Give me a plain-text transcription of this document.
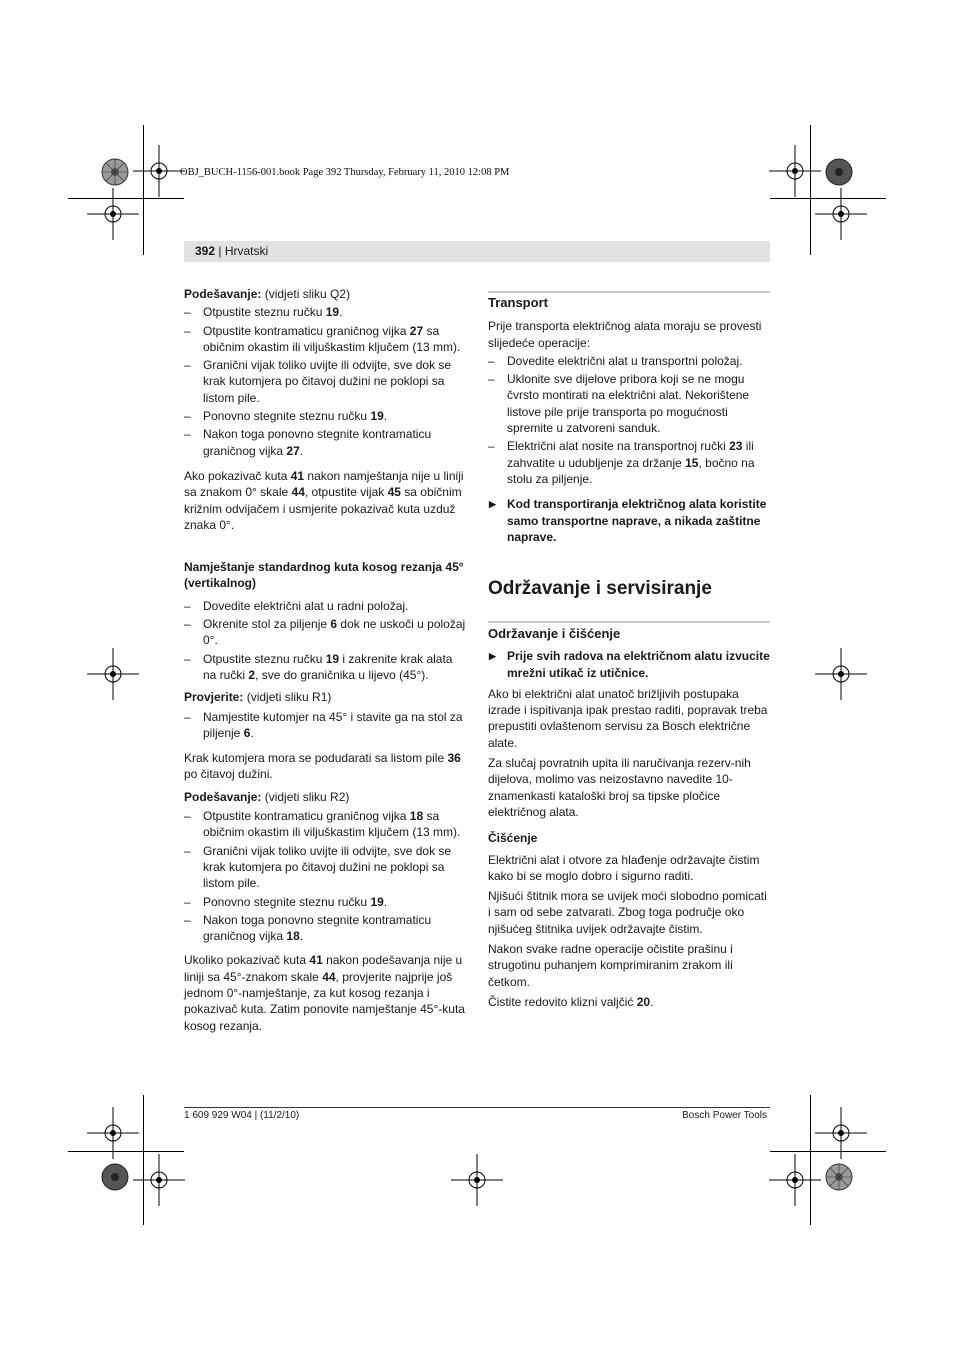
OBJ_BUCH-1156-001.book Page 392 Thursday, February 11, 2010 12:08 PM
392 | Hrvatski

Podešavanje: (vidjeti sliku Q2)

– Otpustite steznu ručku 19.

– Otpustite kontramaticu graničnog vijka 27 sa običnim okastim ili viljuškastim ključem (13 mm).

– Granični vijak toliko uvijte ili odvijte, sve dok se krak kutomjera po čitavoj dužini ne poklopi sa listom pile.

– Ponovno stegnite steznu ručku 19.

– Nakon toga ponovno stegnite kontramaticu graničnog vijka 27.

Ako pokazivač kuta 41 nakon namještanja nije u liniji sa znakom 0° skale 44, otpustite vijak 45 sa običnim križnim odvijačem i usmjerite pokazivač kuta uzduž znaka 0°.

Namještanje standardnog kuta kosog rezanja 45° (vertikalnog)

– Dovedite električni alat u radni položaj.

– Okrenite stol za piljenje 6 dok ne uskoči u položaj 0°.

– Otpustite steznu ručku 19 i zakrenite krak alata na ručki 2, sve do graničnika u lijevo (45°).

Provjerite: (vidjeti sliku R1)

– Namjestite kutomjer na 45° i stavite ga na stol za piljenje 6.

Krak kutomjera mora se podudarati sa listom pile 36 po čitavoj dužini.

Podešavanje: (vidjeti sliku R2)

– Otpustite kontramaticu graničnog vijka 18 sa običnim okastim ili viljuškastim ključem (13 mm).

– Granični vijak toliko uvijte ili odvijte, sve dok se krak kutomjera po čitavoj dužini ne poklopi sa listom pile.

– Ponovno stegnite steznu ručku 19.

– Nakon toga ponovno stegnite kontramaticu graničnog vijka 18.

Ukoliko pokazivač kuta 41 nakon podešavanja nije u liniji sa 45°-znakom skale 44, provjerite najprije još jednom 0°-namještanje, za kut kosog rezanja i pokazivač kuta. Zatim ponovite namještanje 45°-kuta kosog rezanja.

Transport

Prije transporta električnog alata moraju se provesti slijedeće operacije:

– Dovedite električni alat u transportni položaj.

– Uklonite sve dijelove pribora koji se ne mogu čvrsto montirati na električni alat. Nekorištene listove pile prije transporta po mogućnosti spremite u zatvoreni sanduk.

– Električni alat nosite na transportnoj ručki 23 ili zahvatite u udubljenje za držanje 15, bočno na stolu za piljenje.

▶ Kod transportiranja električnog alata koristite samo transportne naprave, a nikada zaštitne naprave.

Održavanje i servisiranje

Održavanje i čišćenje

▶ Prije svih radova na električnom alatu izvucite mrežni utikač iz utičnice.

Ako bi električni alat unatoč brižljivih postupaka izrade i ispitivanja ipak prestao raditi, popravak treba prepustiti ovlaštenom servisu za Bosch električne alate.

Za slučaj povratnih upita ili naručivanja rezerv-nih dijelova, molimo vas neizostavno navedite 10-znamenkasti kataloški broj sa tipske pločice električnog alata.

Čišćenje

Električni alat i otvore za hlađenje održavajte čistim kako bi se moglo dobro i sigurno raditi.

Njišući štitnik mora se uvijek moći slobodno pomicati i sam od sebe zatvarati. Zbog toga područje oko njišućeg štitnika uvijek održavajte čistim.

Nakon svake radne operacije očistite prašinu i strugotinu puhanjem komprimiranim zrakom ili četkom.

Čistite redovito klizni valjčić 20.

1 609 929 W04 | (11/2/10)	Bosch Power Tools
